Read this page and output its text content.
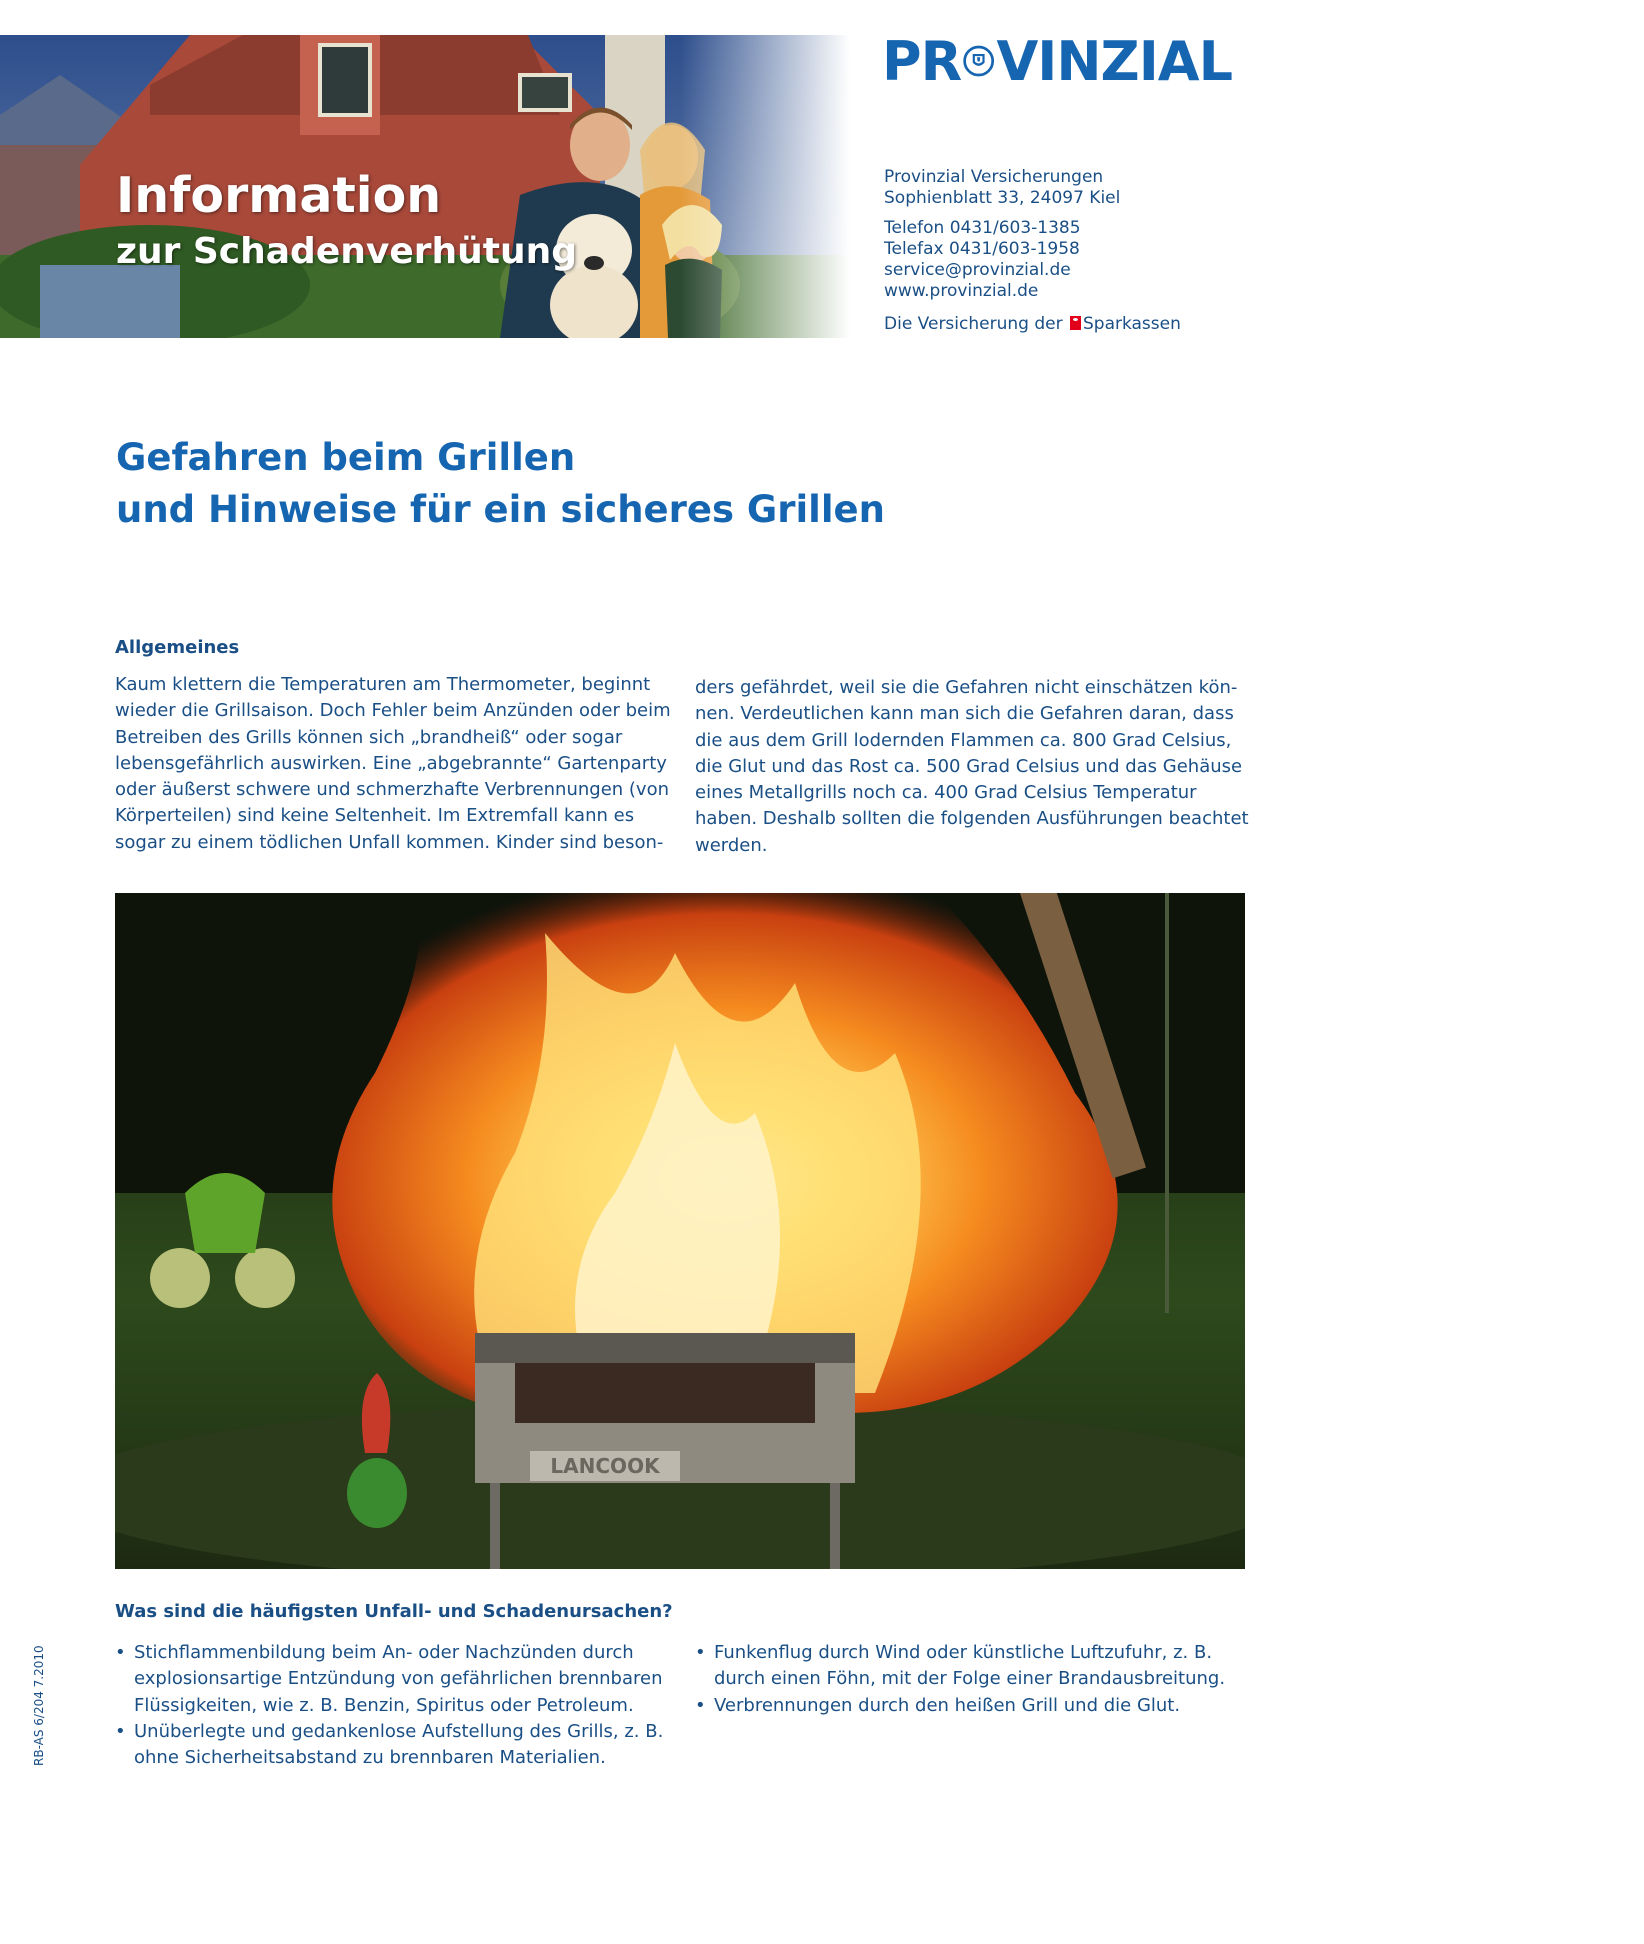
Information
zur Schadenverhütung
PR VINZIAL
Provinzial Versicherungen
Sophienblatt 33, 24097 Kiel
Telefon 0431/603-1385
Telefax 0431/603-1958
service@provinzial.de
www.provinzial.de
Die Versicherung der Sparkassen
Gefahren beim Grillen
und Hinweise für ein sicheres Grillen
Allgemeines
Kaum klettern die Temperaturen am Thermometer, beginnt
wieder die Grillsaison. Doch Fehler beim Anzünden oder beim
Betreiben des Grills können sich „brandheiß“ oder sogar
lebensgefährlich auswirken. Eine „abgebrannte“ Gartenparty
oder äußerst schwere und schmerzhafte Verbrennungen (von
Körperteilen) sind keine Seltenheit. Im Extremfall kann es
sogar zu einem tödlichen Unfall kommen. Kinder sind beson-
ders gefährdet, weil sie die Gefahren nicht einschätzen kön-
nen. Verdeutlichen kann man sich die Gefahren daran, dass
die aus dem Grill lodernden Flammen ca. 800 Grad Celsius,
die Glut und das Rost ca. 500 Grad Celsius und das Gehäuse
eines Metallgrills noch ca. 400 Grad Celsius Temperatur
haben. Deshalb sollten die folgenden Ausführungen beachtet
werden.
LANCOOK
Was sind die häufigsten Unfall- und Schadenursachen?
• Stichflammenbildung beim An- oder Nachzünden durch
explosionsartige Entzündung von gefährlichen brennbaren
Flüssigkeiten, wie z. B. Benzin, Spiritus oder Petroleum.
• Unüberlegte und gedankenlose Aufstellung des Grills, z. B.
ohne Sicherheitsabstand zu brennbaren Materialien.
• Funkenflug durch Wind oder künstliche Luftzufuhr, z. B.
durch einen Föhn, mit der Folge einer Brandausbreitung.
• Verbrennungen durch den heißen Grill und die Glut.
RB-AS 6/204 7.2010
